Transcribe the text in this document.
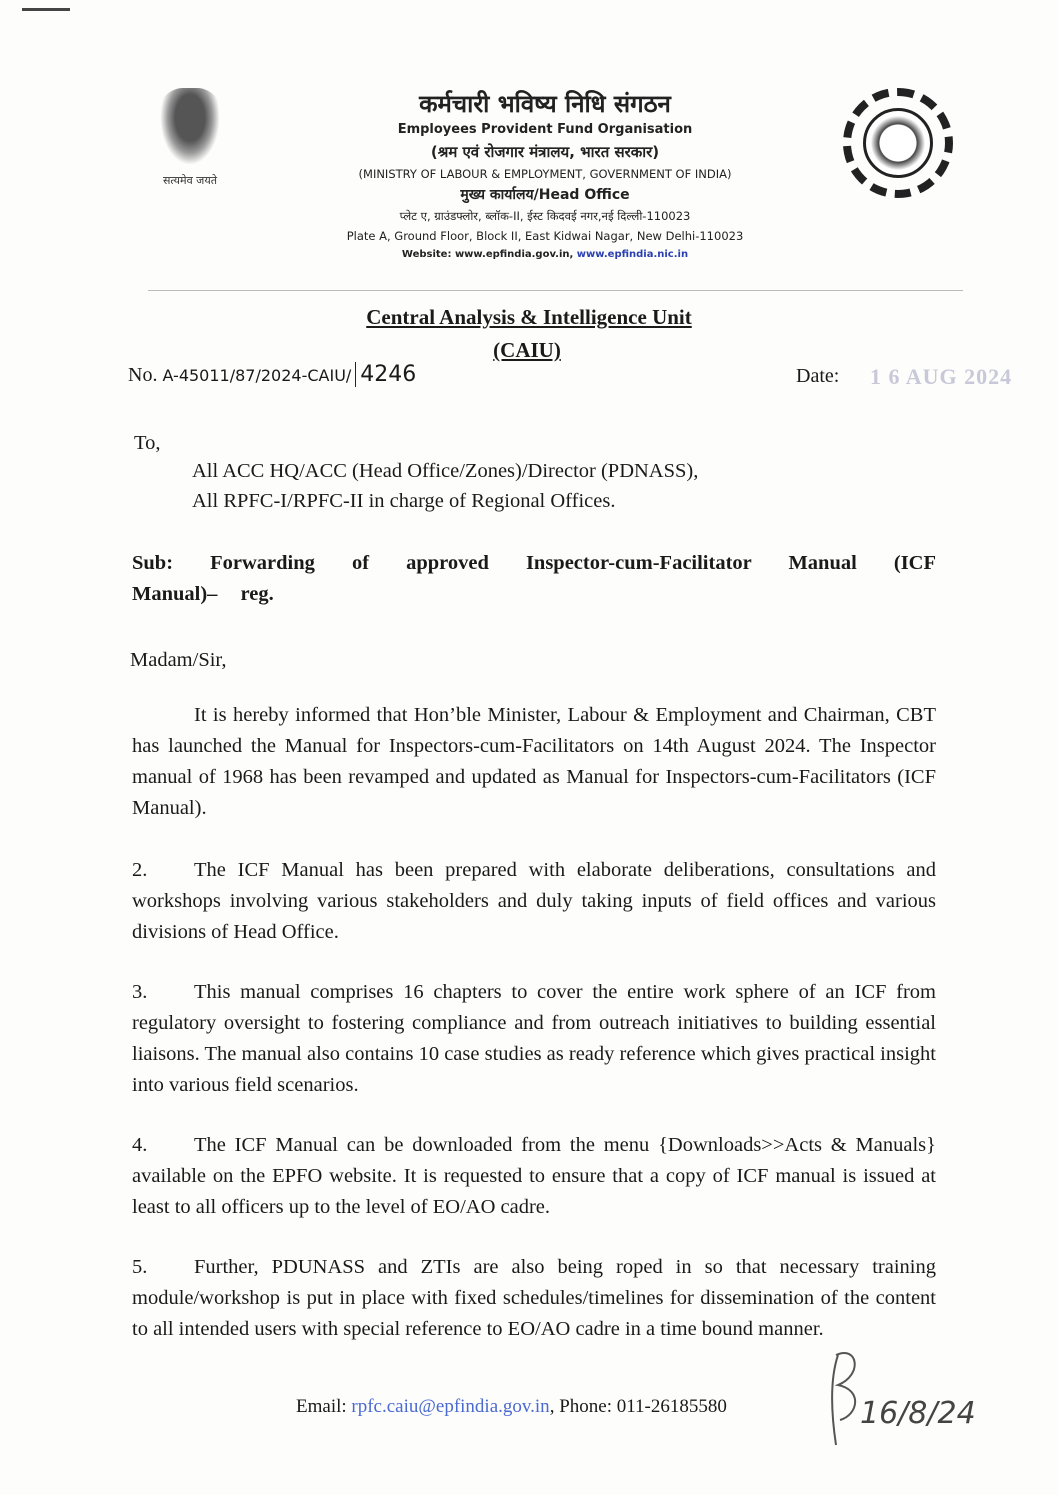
सत्यमेव जयते
कर्मचारी भविष्य निधि संगठन
Employees Provident Fund Organisation
(श्रम एवं रोजगार मंत्रालय, भारत सरकार)
(MINISTRY OF LABOUR & EMPLOYMENT, GOVERNMENT OF INDIA)
मुख्य कार्यालय/Head Office
प्लेट ए, ग्राउंडफ्लोर, ब्लॉक-II, ईस्ट किदवई नगर,नई दिल्ली-110023
Plate A, Ground Floor, Block II, East Kidwai Nagar, New Delhi-110023
Website: www.epfindia.gov.in, www.epfindia.nic.in
Central Analysis & Intelligence Unit
(CAIU)
No. A-45011/87/2024-CAIU/ 4246	Date: 1 6 AUG 2024
To,
All ACC HQ/ACC (Head Office/Zones)/Director (PDNASS),
All RPFC-I/RPFC-II in charge of Regional Offices.
Sub: Forwarding of approved Inspector-cum-Facilitator Manual (ICF Manual)– reg.
Madam/Sir,
It is hereby informed that Hon’ble Minister, Labour & Employment and Chairman, CBT has launched the Manual for Inspectors-cum-Facilitators on 14th August 2024. The Inspector manual of 1968 has been revamped and updated as Manual for Inspectors-cum-Facilitators (ICF Manual).
2. The ICF Manual has been prepared with elaborate deliberations, consultations and workshops involving various stakeholders and duly taking inputs of field offices and various divisions of Head Office.
3. This manual comprises 16 chapters to cover the entire work sphere of an ICF from regulatory oversight to fostering compliance and from outreach initiatives to building essential liaisons. The manual also contains 10 case studies as ready reference which gives practical insight into various field scenarios.
4. The ICF Manual can be downloaded from the menu {Downloads>>Acts & Manuals} available on the EPFO website. It is requested to ensure that a copy of ICF manual is issued at least to all officers up to the level of EO/AO cadre.
5. Further, PDUNASS and ZTIs are also being roped in so that necessary training module/workshop is put in place with fixed schedules/timelines for dissemination of the content to all intended users with special reference to EO/AO cadre in a time bound manner.
Email: rpfc.caiu@epfindia.gov.in, Phone: 011-26185580	16/8/24
